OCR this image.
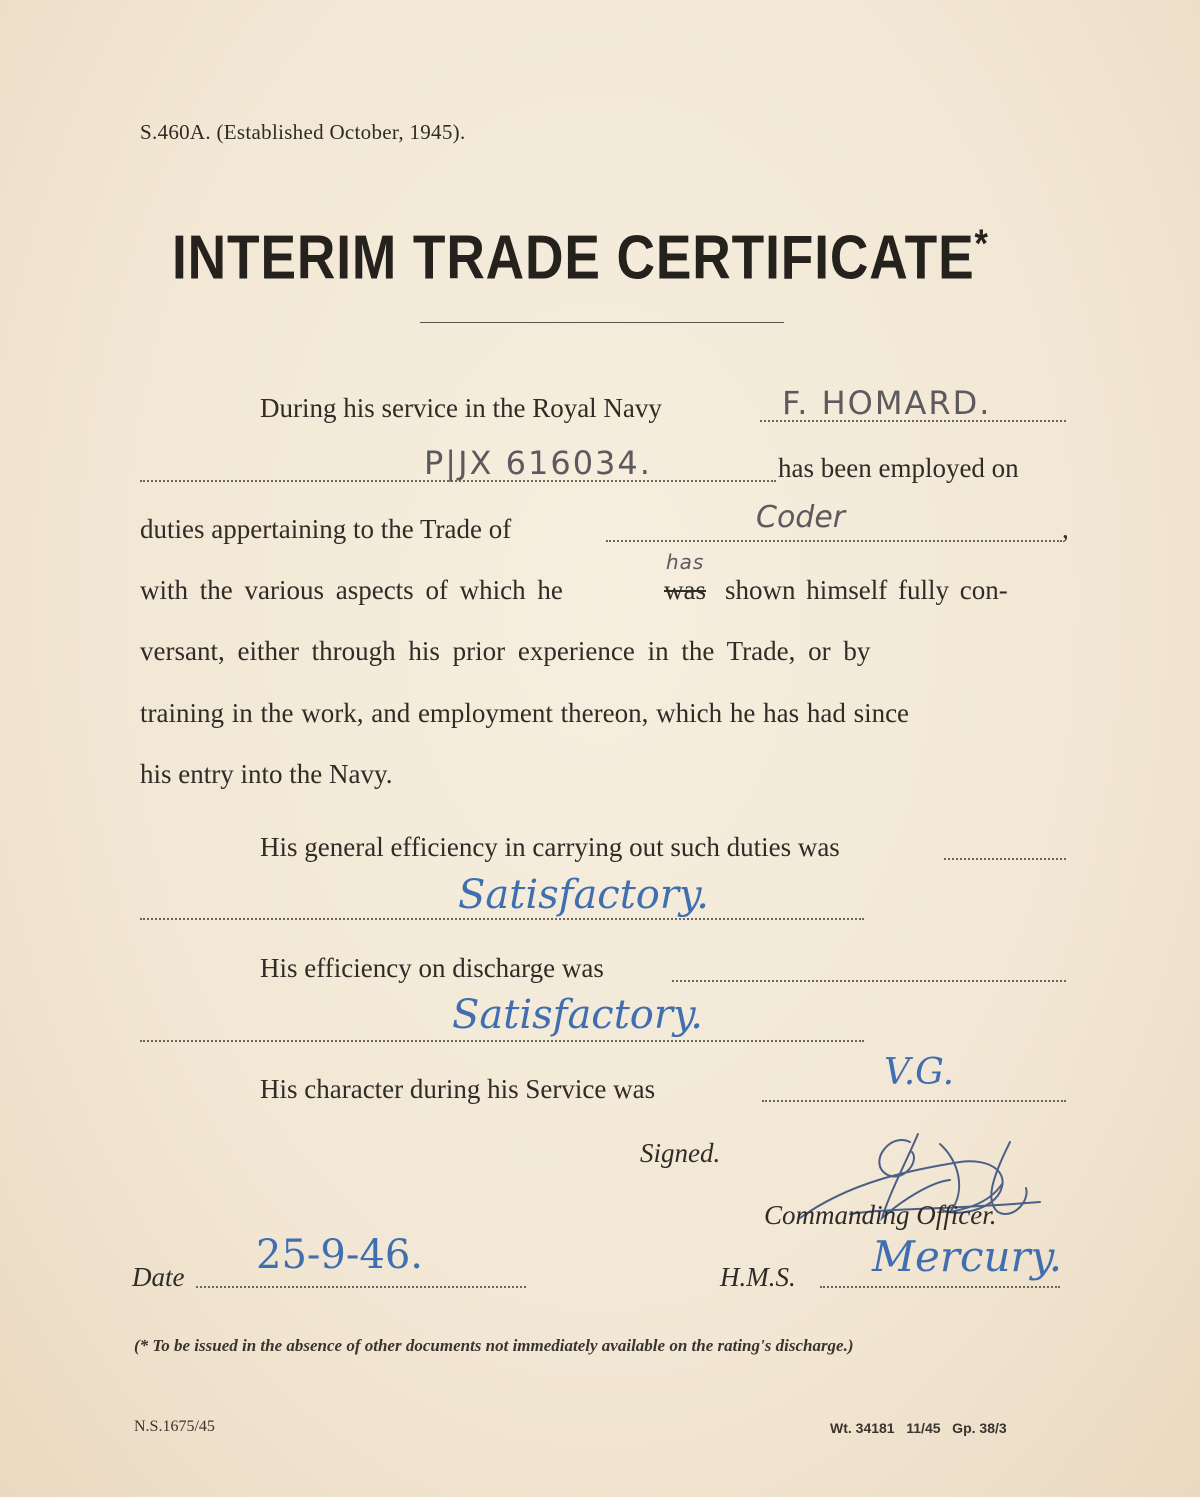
S.460A. (Established October, 1945).
INTERIM TRADE CERTIFICATE*
During his service in the Royal Navy	F. HOMARD.
P|JX 616034.	has been employed on
duties appertaining to the Trade of	Coder	,
with the various aspects of which he	was
has
shown himself fully con-
versant, either through his prior experience in the Trade, or by
training in the work, and employment thereon, which he has had since
his entry into the Navy.
His general efficiency in carrying out such duties was
Satisfactory.
His efficiency on discharge was
Satisfactory.
His character during his Service was	V.G.
Signed.
Commanding Officer.
Date 25-9-46.	H.M.S. Mercury.
(* To be issued in the absence of other documents not immediately available on the rating's discharge.)
N.S.1675/45	Wt. 34181   11/45   Gp. 38/3
